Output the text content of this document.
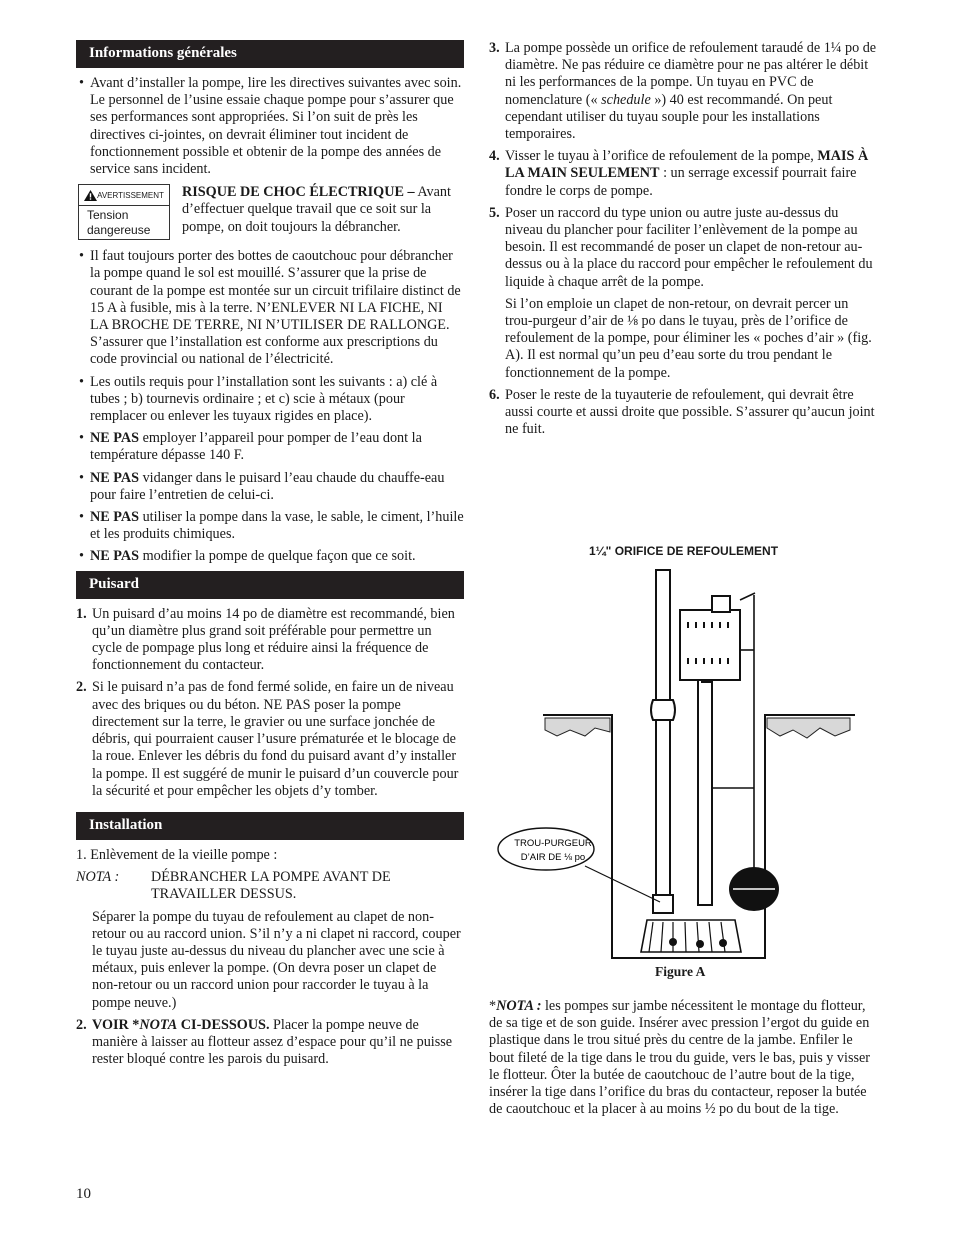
Informations générales

• Avant d’installer la pompe, lire les directives suivantes avec soin. Le personnel de l’usine essaie chaque pompe pour s’assurer que ses performances sont appropriées. Si l’on suit de près les directives ci-jointes, on devrait éliminer tout incident de fonctionnement possible et obtenir de la pompe des années de service sans incident.

AVERTISSEMENT
Tension dangereuse
RISQUE DE CHOC ÉLECTRIQUE – Avant d’effectuer quelque travail que ce soit sur la pompe, on doit toujours la débrancher.

• Il faut toujours porter des bottes de caoutchouc pour débrancher la pompe quand le sol est mouillé. S’assurer que la prise de courant de la pompe est montée sur un circuit trifilaire distinct de 15 A à fusible, mis à la terre. N’ENLEVER NI LA FICHE, NI LA BROCHE DE TERRE, NI N’UTILISER DE RALLONGE. S’assurer que l’installation est conforme aux prescriptions du code provincial ou national de l’électricité.

• Les outils requis pour l’installation sont les suivants : a) clé à tubes ; b) tournevis ordinaire ; et c) scie à métaux (pour remplacer ou enlever les tuyaux rigides en place).

• NE PAS employer l’appareil pour pomper de l’eau dont la température dépasse 140 F.

• NE PAS vidanger dans le puisard l’eau chaude du chauffe-eau pour faire l’entretien de celui-ci.

• NE PAS utiliser la pompe dans la vase, le sable, le ciment, l’huile et les produits chimiques.

• NE PAS modifier la pompe de quelque façon que ce soit.

Puisard

1. Un puisard d’au moins 14 po de diamètre est recommandé, bien qu’un diamètre plus grand soit préférable pour permettre un cycle de pompage plus long et réduire ainsi la fréquence de fonctionnement du contacteur.

2. Si le puisard n’a pas de fond fermé solide, en faire un de niveau avec des briques ou du béton. NE PAS poser la pompe directement sur la terre, le gravier ou une surface jonchée de débris, qui pourraient causer l’usure prématurée et le blocage de la roue. Enlever les débris du fond du puisard avant d’y installer la pompe. Il est suggéré de munir le puisard d’un couvercle pour la sécurité et pour empêcher les objets d’y tomber.

Installation

1. Enlèvement de la vieille pompe :

NOTA :	DÉBRANCHER LA POMPE AVANT DE TRAVAILLER DESSUS.

Séparer la pompe du tuyau de refoulement au clapet de non-retour ou au raccord union. S’il n’y a ni clapet ni raccord, couper le tuyau juste au-dessus du niveau du plancher avec une scie à métaux, puis enlever la pompe. (On devra poser un clapet de non-retour ou un raccord union pour raccorder le tuyau à la pompe neuve.)

2. VOIR *NOTA CI-DESSOUS. Placer la pompe neuve de manière à laisser au flotteur assez d’espace pour qu’il ne puisse rester bloqué contre les parois du puisard.

3. La pompe possède un orifice de refoulement taraudé de 1¼ po de diamètre. Ne pas réduire ce diamètre pour ne pas altérer le débit ni les performances de la pompe. Un tuyau en PVC de nomenclature (« schedule ») 40 est recommandé. On peut cependant utiliser du tuyau souple pour les installations temporaires.

4. Visser le tuyau à l’orifice de refoulement de la pompe, MAIS À LA MAIN SEULEMENT : un serrage excessif pourrait faire fondre le corps de pompe.

5. Poser un raccord du type union ou autre juste au-dessus du niveau du plancher pour faciliter l’enlèvement de la pompe au besoin. Il est recommandé de poser un clapet de non-retour au-dessus ou à la place du raccord pour empêcher le refoulement du liquide à chaque arrêt de la pompe.

Si l’on emploie un clapet de non-retour, on devrait percer un trou-purgeur d’air de ⅛ po dans le tuyau, près de l’orifice de refoulement de la pompe, pour éliminer les « poches d’air » (fig. A). Il est normal qu’un peu d’eau sorte du trou pendant le fonctionnement de la pompe.

6. Poser le reste de la tuyauterie de refoulement, qui devrait être aussi courte et aussi droite que possible. S’assurer qu’aucun joint ne fuit.

1¼" ORIFICE DE REFOULEMENT
TROU-PURGEUR
D’AIR DE ⅛ po
Figure A

*NOTA : les pompes sur jambe nécessitent le montage du flotteur, de sa tige et de son guide. Insérer avec pression l’ergot du guide en plastique dans le trou situé près du centre de la jambe. Enfiler le bout fileté de la tige dans le trou du guide, vers le bas, puis y visser le flotteur. Ôter la butée de caoutchouc de l’autre bout de la tige, insérer la tige dans l’orifice du bras du contacteur, reposer la butée de caoutchouc et la placer à au moins ½ po du bout de la tige.

10
